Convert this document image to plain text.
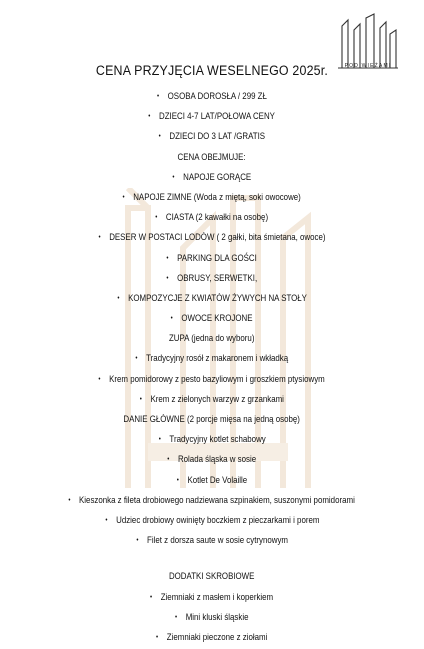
POD WIEŻAMI
CENA PRZYJĘCIA WESELNEGO 2025r.
• OSOBA DOROSŁA / 299 ZŁ
• DZIECI 4-7 LAT/POŁOWA CENY
• DZIECI DO 3 LAT /GRATIS
CENA OBEJMUJE:
• NAPOJE GORĄCE
• NAPOJE ZIMNE (Woda z miętą, soki owocowe)
• CIASTA (2 kawałki na osobę)
• DESER W POSTACI LODÓW ( 2 gałki, bita śmietana, owoce)
• PARKING DLA GOŚCI
• OBRUSY, SERWETKI,
• KOMPOZYCJE Z KWIATÓW ŻYWYCH NA STOŁY
• OWOCE KROJONE
ZUPA (jedna do wyboru)
• Tradycyjny rosół z makaronem i wkładką
• Krem pomidorowy z pesto bazyliowym i groszkiem ptysiowym
• Krem z zielonych warzyw z grzankami
DANIE GŁÓWNE (2 porcje mięsa na jedną osobę)
• Tradycyjny kotlet schabowy
• Rolada śląska w sosie
• Kotlet De Volaille
• Kieszonka z fileta drobiowego nadziewana szpinakiem, suszonymi pomidorami
• Udziec drobiowy owinięty boczkiem z pieczarkami i porem
• Filet z dorsza saute w sosie cytrynowym
DODATKI SKROBIOWE
• Ziemniaki z masłem i koperkiem
• Mini kluski śląskie
• Ziemniaki pieczone z ziołami
